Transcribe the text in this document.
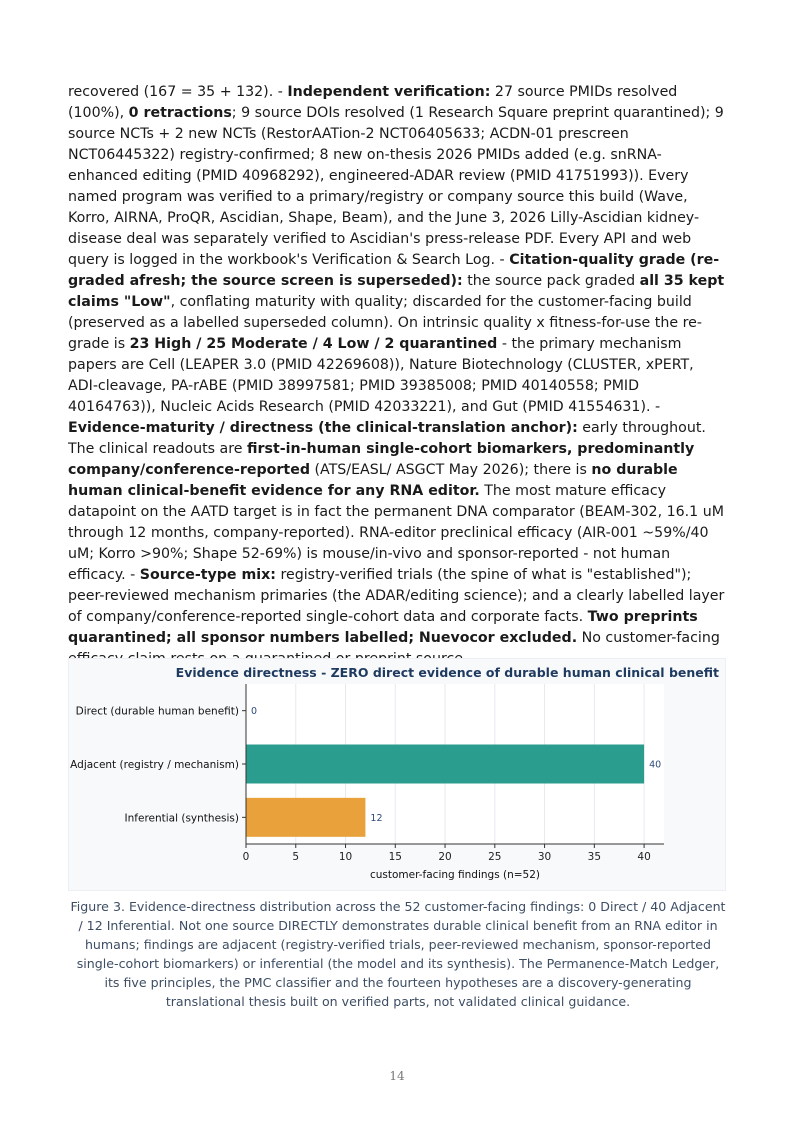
recovered (167 = 35 + 132). - Independent verification: 27 source PMIDs resolved (100%), 0 retractions; 9 source DOIs resolved (1 Research Square preprint quarantined); 9 source NCTs + 2 new NCTs (RestorAATion-2 NCT06405633; ACDN-01 prescreen NCT06445322) registry-confirmed; 8 new on-thesis 2026 PMIDs added (e.g. snRNA-enhanced editing (PMID 40968292), engineered-ADAR review (PMID 41751993)). Every named program was verified to a primary/registry or company source this build (Wave, Korro, AIRNA, ProQR, Ascidian, Shape, Beam), and the June 3, 2026 Lilly-Ascidian kidney-disease deal was separately verified to Ascidian's press-release PDF. Every API and web query is logged in the workbook's Verification & Search Log. - Citation-quality grade (re-graded afresh; the source screen is superseded): the source pack graded all 35 kept claims "Low", conflating maturity with quality; discarded for the customer-facing build (preserved as a labelled superseded column). On intrinsic quality x fitness-for-use the re-grade is 23 High / 25 Moderate / 4 Low / 2 quarantined - the primary mechanism papers are Cell (LEAPER 3.0 (PMID 42269608)), Nature Biotechnology (CLUSTER, xPERT, ADI-cleavage, PA-rABE (PMID 38997581; PMID 39385008; PMID 40140558; PMID 40164763)), Nucleic Acids Research (PMID 42033221), and Gut (PMID 41554631). - Evidence-maturity / directness (the clinical-translation anchor): early throughout. The clinical readouts are first-in-human single-cohort biomarkers, predominantly company/conference-reported (ATS/EASL/ ASGCT May 2026); there is no durable human clinical-benefit evidence for any RNA editor. The most mature efficacy datapoint on the AATD target is in fact the permanent DNA comparator (BEAM-302, 16.1 uM through 12 months, company-reported). RNA-editor preclinical efficacy (AIR-001 ~59%/40 uM; Korro >90%; Shape 52-69%) is mouse/in-vivo and sponsor-reported - not human efficacy. - Source-type mix: registry-verified trials (the spine of what is "established"); peer-reviewed mechanism primaries (the ADAR/editing science); and a clearly labelled layer of company/conference-reported single-cohort data and corporate facts. Two preprints quarantined; all sponsor numbers labelled; Nuevocor excluded. No customer-facing

Evidence directness - ZERO direct evidence of durable human clinical benefit
0	5	10	15	20	25	30	35	40
Direct (durable human benefit) 0
Adjacent (registry / mechanism)	40
Inferential (synthesis)	12
customer-facing findings (n=52)

Figure 3. Evidence-directness distribution across the 52 customer-facing findings: 0 Direct / 40 Adjacent / 12 Inferential. Not one source DIRECTLY demonstrates durable clinical benefit from an RNA editor in humans; findings are adjacent (registry-verified trials, peer-reviewed mechanism, sponsor-reported single-cohort biomarkers) or inferential (the model and its synthesis). The Permanence-Match Ledger, its five principles, the PMC classifier and the fourteen hypotheses are a discovery-generating translational thesis built on verified parts, not validated clinical guidance.

14
